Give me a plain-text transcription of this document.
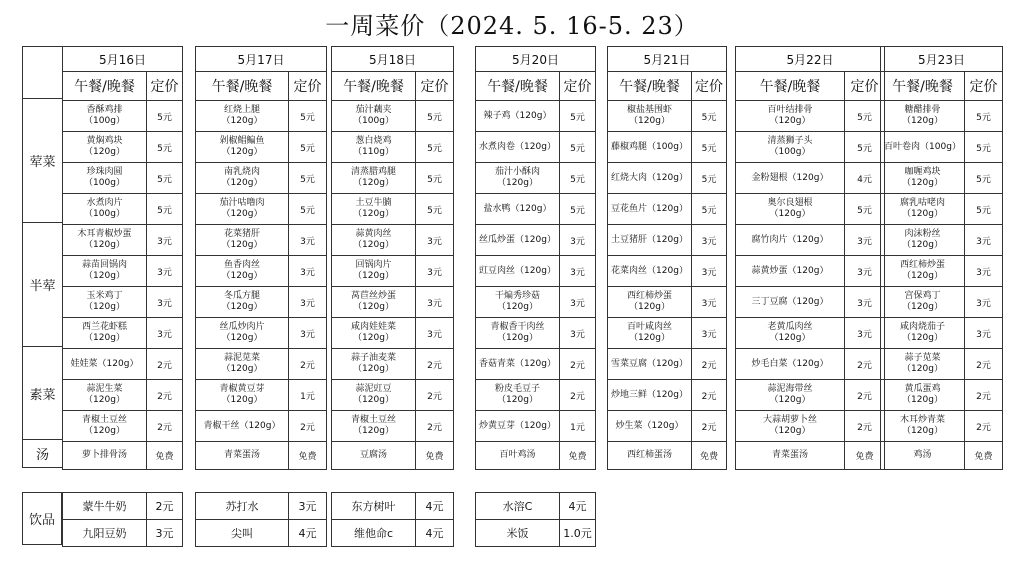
一周菜价（2024. 5. 16-5. 23）

荤菜

半荤

素菜

汤
5月16日	
午餐/晚餐	定价
香酥鸡排
（100g）	5元
黄焖鸡块
（120g）	5元
珍珠肉圆
（100g）	5元
水煮肉片
（100g）	5元
木耳青椒炒蛋
（120g）	3元
蒜苗回锅肉
（120g）	3元
玉米鸡丁
（120g）	3元
西兰花虾糕
（120g）	3元
娃娃菜（120g）	2元
蒜泥生菜
（120g）	2元
青椒土豆丝
（120g）	2元
萝卜排骨汤	免费
5月17日	
午餐/晚餐	定价
红烧上腿
（120g）	5元
剁椒鲳鳊鱼
（120g）	5元
南乳烧肉
（120g）	5元
茄汁咕噜肉
（120g）	5元
花菜猪肝
（120g）	3元
鱼香肉丝
（120g）	3元
冬瓜方腿
（120g）	3元
丝瓜炒肉片
（120g）	3元
蒜泥苋菜
（120g）	2元
青椒黄豆芽
（120g）	1元
青椒干丝（120g）	2元
青菜蛋汤	免费
5月18日	
午餐/晚餐	定价
茄汁藕夹
（100g）	5元
葱白烧鸡
（110g）	5元
清蒸腊鸡腿
（120g）	5元
土豆牛腩
（120g）	5元
蒜黄肉丝
（120g）	3元
回锅肉片
（120g）	3元
莴苣丝炒蛋
（120g）	3元
咸肉娃娃菜
（120g）	3元
蒜子油麦菜
（120g）	2元
蒜泥豇豆
（120g）	2元
青椒土豆丝
（120g）	2元
豆腐汤	免费
5月20日	
午餐/晚餐	定价
辣子鸡（120g）	5元
水煮肉卷（120g）	5元
茄汁小酥肉
（120g）	5元
盐水鸭（120g）	5元
丝瓜炒蛋（120g）	3元
豇豆肉丝（120g）	3元
干煸秀珍菇
（120g）	3元
青椒香干肉丝
（120g）	3元
香菇青菜（120g）	2元
粉皮毛豆子
（120g）	2元
炒黄豆芽（120g）	1元
百叶鸡汤	免费
5月21日	
午餐/晚餐	定价
椒盐基围虾
（120g）	5元
藤椒鸡腿（100g）	5元
红烧大肉（120g）	5元
豆花鱼片（120g）	5元
土豆猪肝（120g）	3元
花菜肉丝（120g）	3元
西红柿炒蛋
（120g）	3元
百叶咸肉丝
（120g）	3元
雪菜豆腐（120g）	2元
炒地三鲜（120g）	2元
炒生菜（120g）	2元
西红柿蛋汤	免费
5月22日	
午餐/晚餐	定价
百叶结排骨
（120g）	5元
清蒸狮子头
（100g）	5元
金粉翅根（120g）	4元
奥尔良翅根
（120g）	5元
腐竹肉片（120g）	3元
蒜黄炒蛋（120g）	3元
三丁豆腐（120g）	3元
老黄瓜肉丝
（120g）	3元
炒毛白菜（120g）	2元
蒜泥海带丝
（120g）	2元
大蒜胡萝卜丝
（120g）	2元
青菜蛋汤	免费
5月23日	
午餐/晚餐	定价
糖醋排骨
（120g）	5元
百叶卷肉（100g）	5元
咖喱鸡块
（120g）	5元
腐乳咕咾肉
（120g）	5元
肉沫粉丝
（120g）	3元
西红柿炒蛋
（120g）	3元
宫保鸡丁
（120g）	3元
咸肉烧茄子
（120g）	3元
蒜子苋菜
（120g）	2元
黄瓜蛋鸡
（120g）	2元
木耳炒青菜
（120g）	2元
鸡汤	免费
饮品

蒙牛牛奶	2元
九阳豆奶	3元
苏打水	3元
尖叫	4元
东方树叶	4元
维他命c	4元
水溶C	4元
米饭	1.0元
